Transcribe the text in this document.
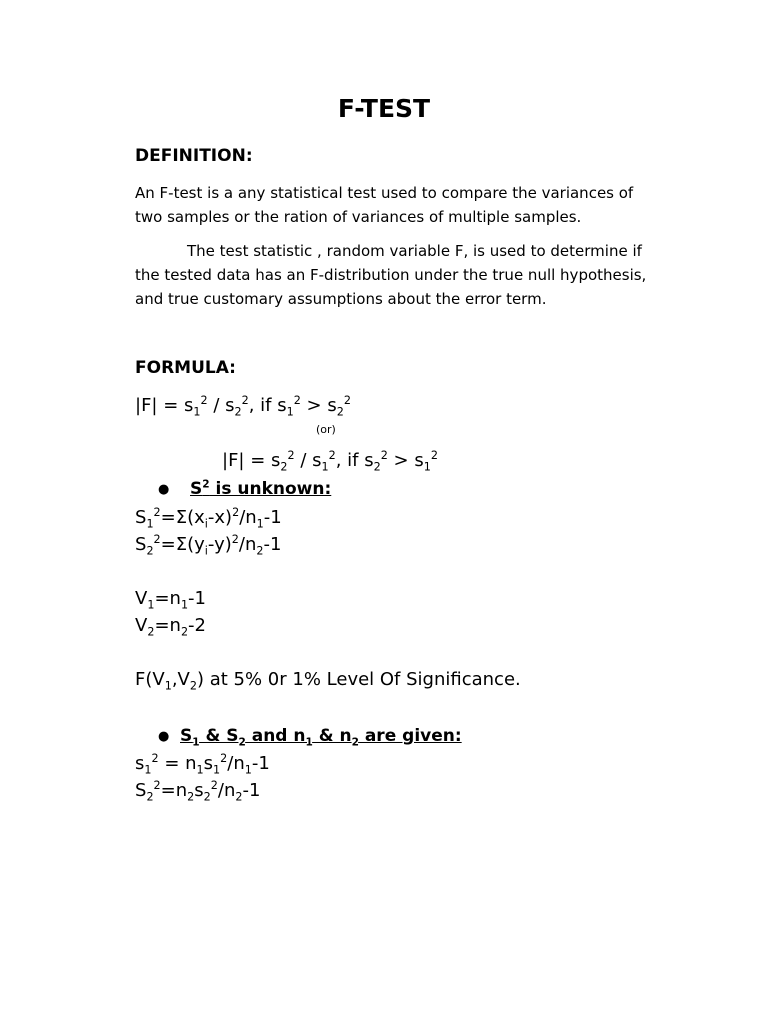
F-TEST
DEFINITION:
An F-test is a any statistical test used to compare the variances of two samples or the ration of variances of multiple samples.
The test statistic , random variable F, is used to determine if the tested data has an F-distribution under the true null hypothesis, and true customary assumptions about the error term.
FORMULA:
$|F| = s_1^2 / s_2^2$, if $s_1^2 > s_2^2$
(or)
$|F| = s_2^2 / s_1^2$, if $s_2^2 > s_1^2$
● $S^2$ is unknown:
$S_1^2=\Sigma(x_i-x)^2/n_1-1$
$S_2^2=\Sigma(y_i-y)^2/n_2-1$
$V_1=n_1-1$
$V_2=n_2-2$
$F(V_1,V_2)$ at 5% 0r 1% Level Of Significance.
● $S_1$ & $S_2$ and $n_1$ & $n_2$ are given:
$s_1^2 = n_1s_1^2/n_1-1$
$S_2^2=n_2s_2^2/n_2-1$
